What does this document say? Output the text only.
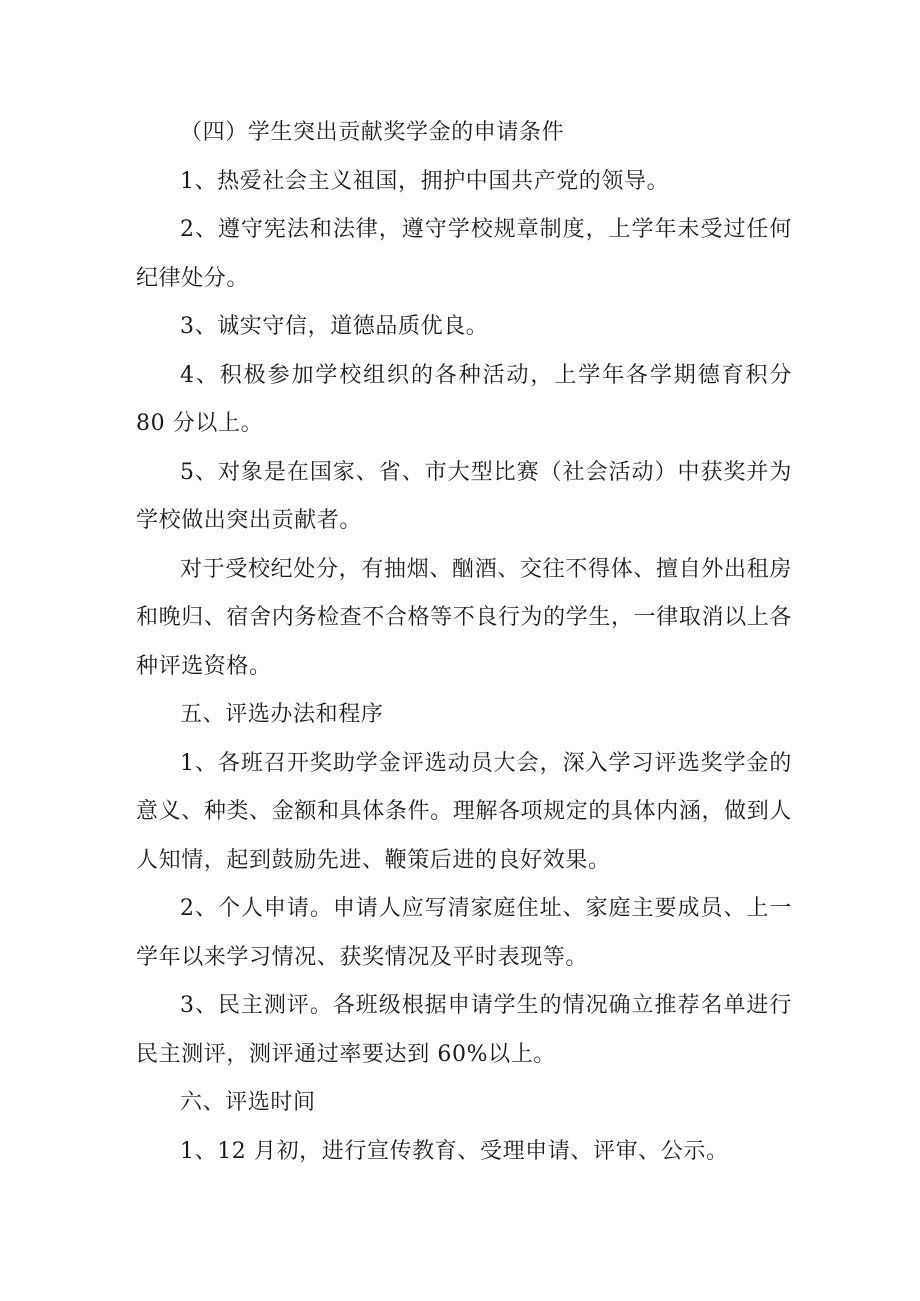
（四）学生突出贡献奖学金的申请条件

1、热爱社会主义祖国，拥护中国共产党的领导。

2、遵守宪法和法律，遵守学校规章制度，上学年未受过任何纪律处分。

3、诚实守信，道德品质优良。

4、积极参加学校组织的各种活动，上学年各学期德育积分 80 分以上。

5、对象是在国家、省、市大型比赛（社会活动）中获奖并为学校做出突出贡献者。

对于受校纪处分，有抽烟、酗酒、交往不得体、擅自外出租房和晚归、宿舍内务检查不合格等不良行为的学生，一律取消以上各种评选资格。

五、评选办法和程序

1、各班召开奖助学金评选动员大会，深入学习评选奖学金的意义、种类、金额和具体条件。理解各项规定的具体内涵，做到人人知情，起到鼓励先进、鞭策后进的良好效果。

2、个人申请。申请人应写清家庭住址、家庭主要成员、上一学年以来学习情况、获奖情况及平时表现等。

3、民主测评。各班级根据申请学生的情况确立推荐名单进行民主测评，测评通过率要达到 60%以上。

六、评选时间

1、12 月初，进行宣传教育、受理申请、评审、公示。
